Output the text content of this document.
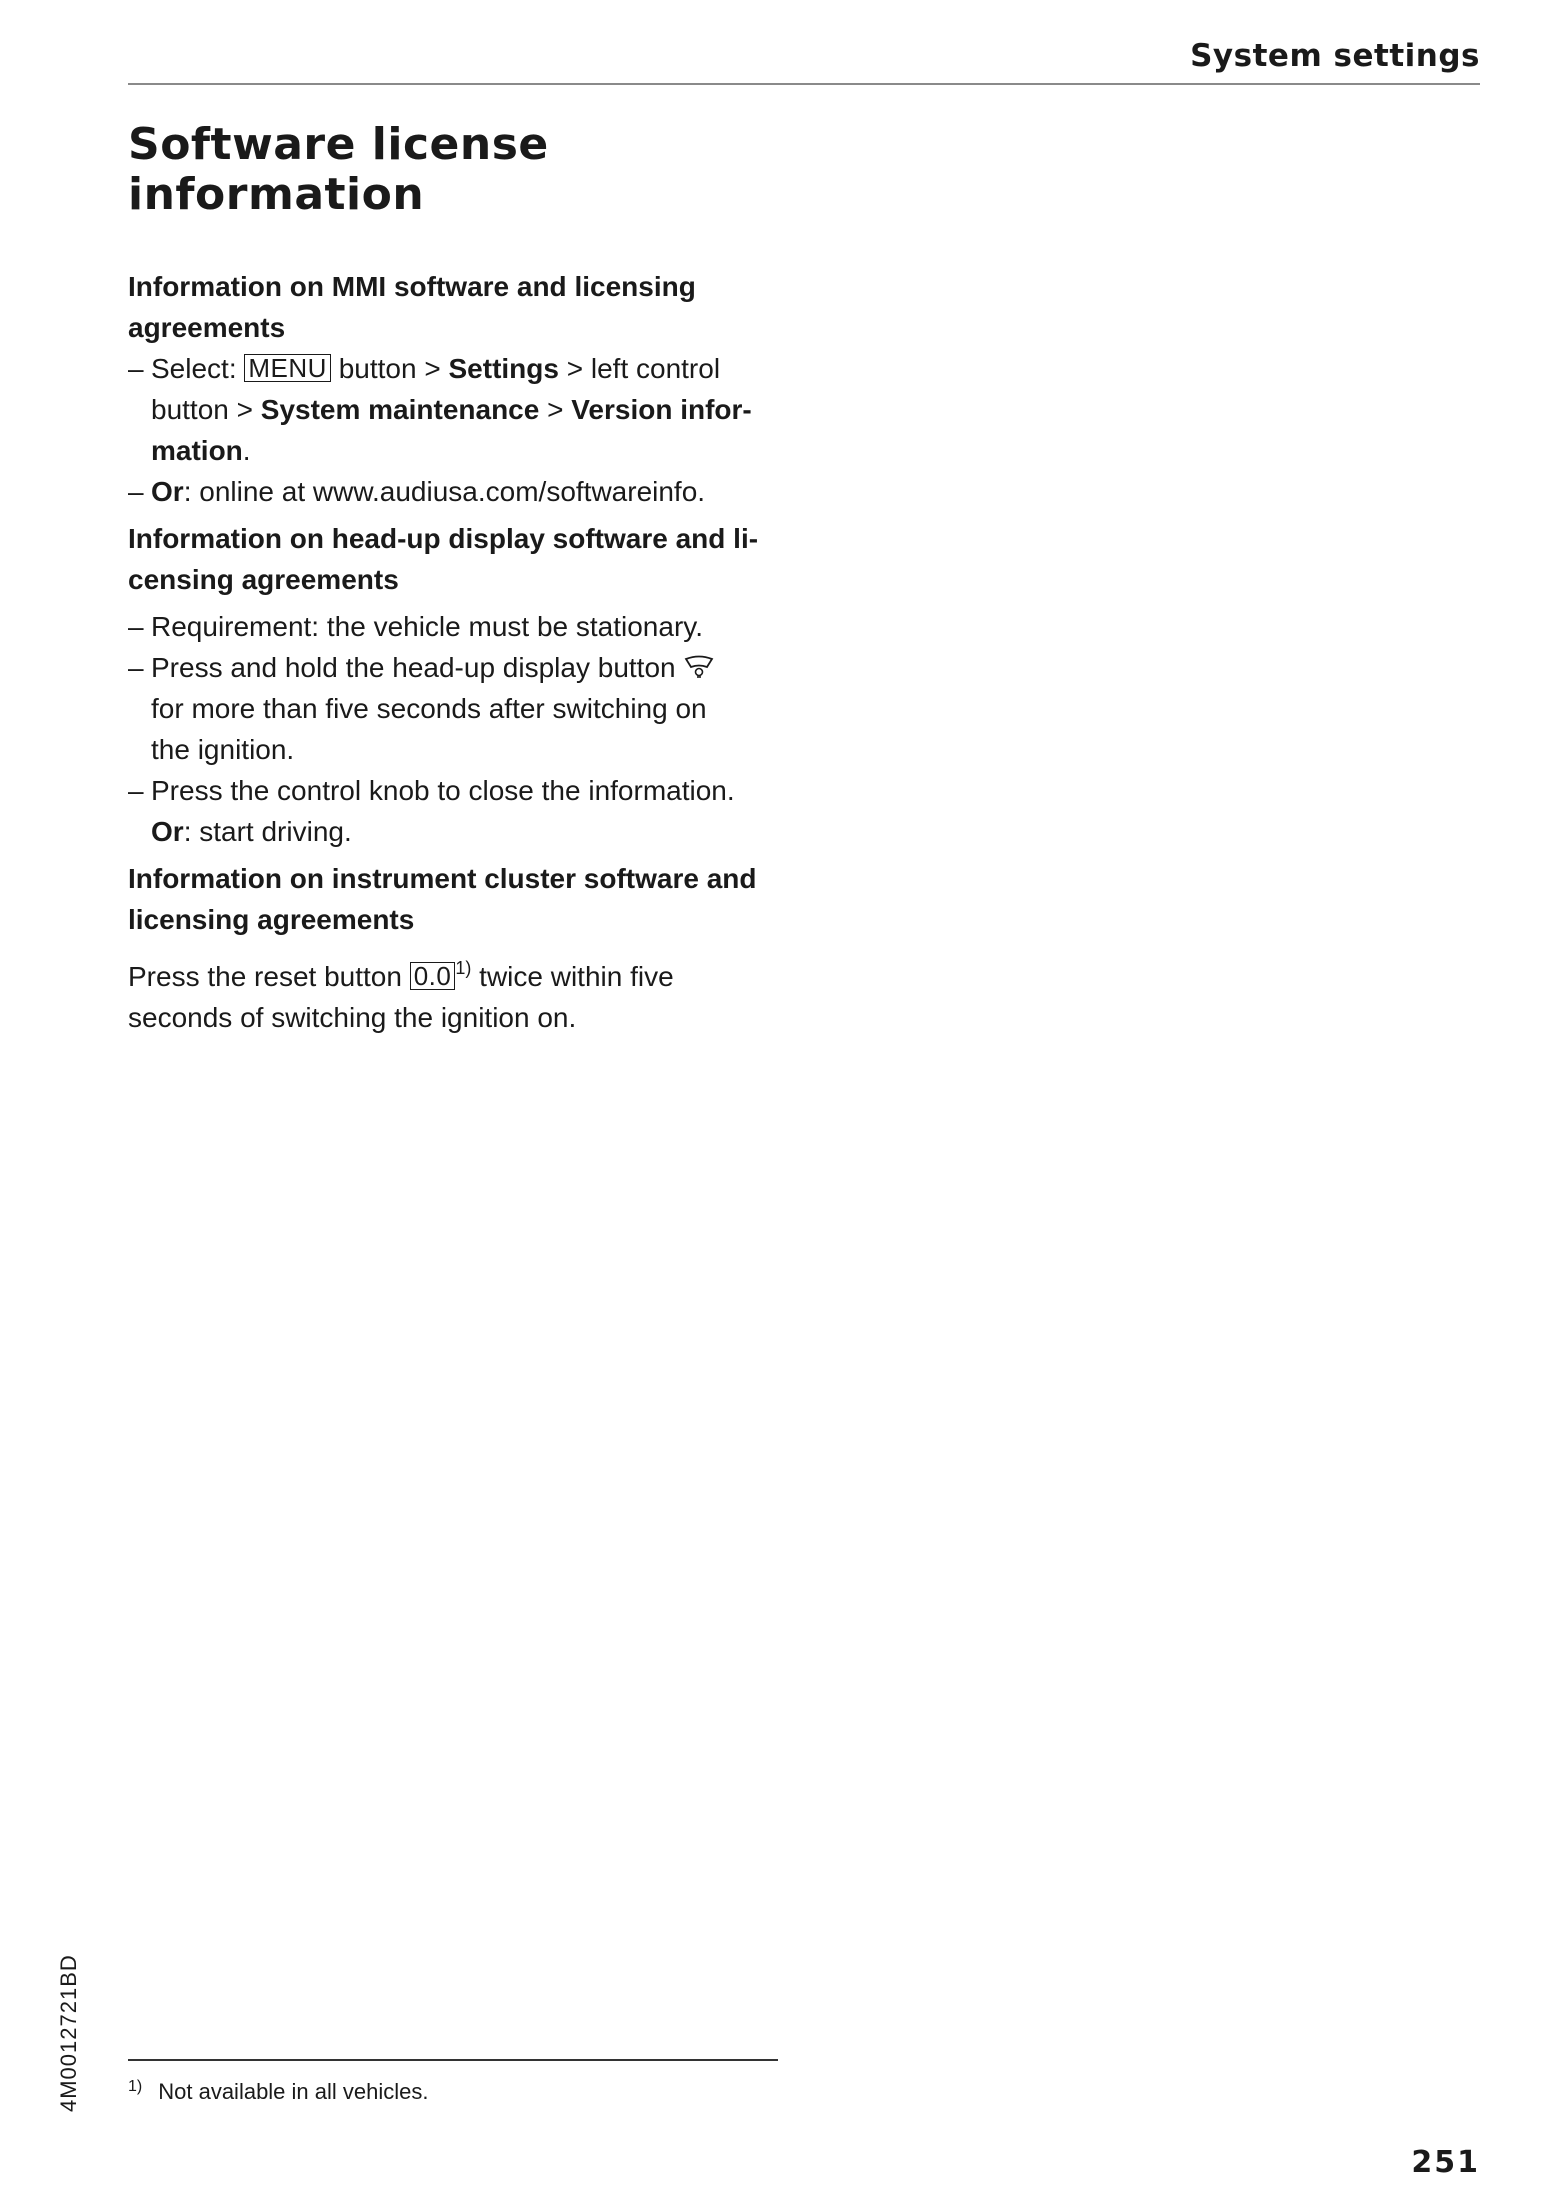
System settings
Software license
information

Information on MMI software and licensing
agreements

– Select: MENU button > Settings > left control
button > System maintenance > Version infor-
mation.

– Or: online at www.audiusa.com/softwareinfo.

Information on head-up display software and li-
censing agreements

– Requirement: the vehicle must be stationary.

– Press and hold the head-up display button
for more than five seconds after switching on
the ignition.

– Press the control knob to close the information.
Or: start driving.

Information on instrument cluster software and
licensing agreements

Press the reset button 0.0 $^{1)}$ twice within five
seconds of switching the ignition on.

$^{1)}$ Not available in all vehicles.
4M0012721BD
251
